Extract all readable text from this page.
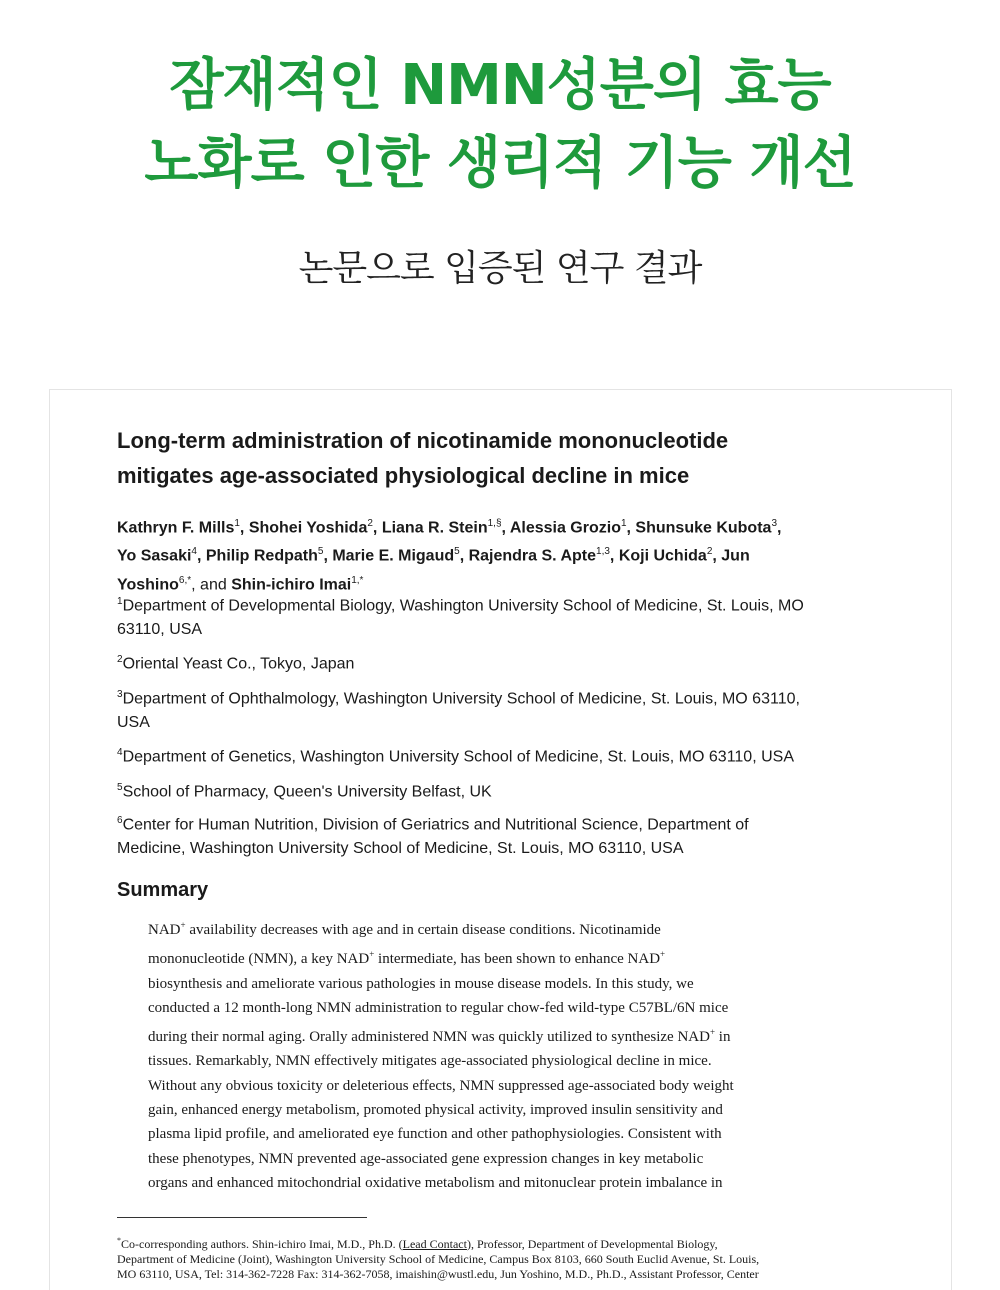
잠재적인 NMN성분의 효능
노화로 인한 생리적 기능 개선
논문으로 입증된 연구 결과
Long-term administration of nicotinamide mononucleotide
mitigates age-associated physiological decline in mice
Kathryn F. Mills$^1$, Shohei Yoshida$^2$, Liana R. Stein$^{1,\S}$, Alessia Grozio$^1$, Shunsuke Kubota$^3$,
Yo Sasaki$^4$, Philip Redpath$^5$, Marie E. Migaud$^5$, Rajendra S. Apte$^{1,3}$, Koji Uchida$^2$, Jun
Yoshino$^{6,*}$, and Shin-ichiro Imai$^{1,*}$
$^1$Department of Developmental Biology, Washington University School of Medicine, St. Louis, MO
63110, USA
$^2$Oriental Yeast Co., Tokyo, Japan
$^3$Department of Ophthalmology, Washington University School of Medicine, St. Louis, MO 63110,
USA
$^4$Department of Genetics, Washington University School of Medicine, St. Louis, MO 63110, USA
$^5$School of Pharmacy, Queen's University Belfast, UK
$^6$Center for Human Nutrition, Division of Geriatrics and Nutritional Science, Department of
Medicine, Washington University School of Medicine, St. Louis, MO 63110, USA
Summary
NAD+ availability decreases with age and in certain disease conditions. Nicotinamide
mononucleotide (NMN), a key NAD+ intermediate, has been shown to enhance NAD+
biosynthesis and ameliorate various pathologies in mouse disease models. In this study, we
conducted a 12 month-long NMN administration to regular chow-fed wild-type C57BL/6N mice
during their normal aging. Orally administered NMN was quickly utilized to synthesize NAD+ in
tissues. Remarkably, NMN effectively mitigates age-associated physiological decline in mice.
Without any obvious toxicity or deleterious effects, NMN suppressed age-associated body weight
gain, enhanced energy metabolism, promoted physical activity, improved insulin sensitivity and
plasma lipid profile, and ameliorated eye function and other pathophysiologies. Consistent with
these phenotypes, NMN prevented age-associated gene expression changes in key metabolic
organs and enhanced mitochondrial oxidative metabolism and mitonuclear protein imbalance in
*Co-corresponding authors. Shin-ichiro Imai, M.D., Ph.D. (Lead Contact), Professor, Department of Developmental Biology,
Department of Medicine (Joint), Washington University School of Medicine, Campus Box 8103, 660 South Euclid Avenue, St. Louis,
MO 63110, USA, Tel: 314-362-7228 Fax: 314-362-7058, imaishin@wustl.edu, Jun Yoshino, M.D., Ph.D., Assistant Professor, Center
